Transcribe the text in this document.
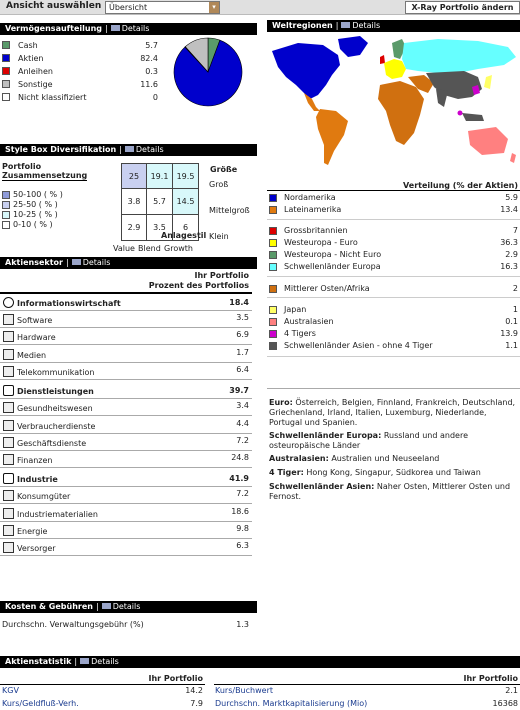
Ansicht auswählen Übersicht	▾	X-Ray Portfolio ändern
Vermögensaufteilung | Details
Cash	5.7
Aktien	82.4
Anleihen	0.3
Sonstige	11.6
Nicht klassifiziert	0
Style Box Diversifikation | Details
Portfolio
Zusammensetzung
Größe
50-100 ( % )
25-50 ( % )
10-25 ( % )
0-10 ( % )
25	19.1	19.5
3.8	5.7	14.5
2.9	3.5	6
Groß
Mittelgroß
Klein
Value Blend Growth
Anlagestil
Aktiensektor | Details
Ihr Portfolio
Prozent des Portfolios
Informationswirtschaft	18.4
Software	3.5
Hardware	6.9
Medien	1.7
Telekommunikation	6.4
Dienstleistungen	39.7
Gesundheitswesen	3.4
Verbraucherdienste	4.4
Geschäftsdienste	7.2
Finanzen	24.8
Industrie	41.9
Konsumgüter	7.2
Industriematerialien	18.6
Energie	9.8
Versorger	6.3
Kosten & Gebühren | Details
Durchschn. Verwaltungsgebühr (%)	1.3
Weltregionen | Details
Verteilung (% der Aktien)
Nordamerika	5.9
Lateinamerika	13.4
Grossbritannien	7
Westeuropa - Euro	36.3
Westeuropa - Nicht Euro	2.9
Schwellenländer Europa	16.3
Mittlerer Osten/Afrika	2
Japan	1
Australasien	0.1
4 Tigers	13.9
Schwellenländer Asien - ohne 4 Tiger	1.1
Euro: Österreich, Belgien, Finnland, Frankreich, Deutschland, Griechenland, Irland, Italien, Luxemburg, Niederlande, Portugal und Spanien.
Schwellenländer Europa: Russland und andere osteuropäische Länder
Australasien: Australien und Neuseeland
4 Tiger: Hong Kong, Singapur, Südkorea und Taiwan
Schwellenländer Asien: Naher Osten, Mittlerer Osten und Fernost.
Aktienstatistik | Details
Ihr Portfolio	Ihr Portfolio
KGV	14.2
Kurs/Geldfluß-Verh.	7.9
Kurs/Buchwert	2.1
Durchschn. Marktkapitalisierung (Mio)	16368
